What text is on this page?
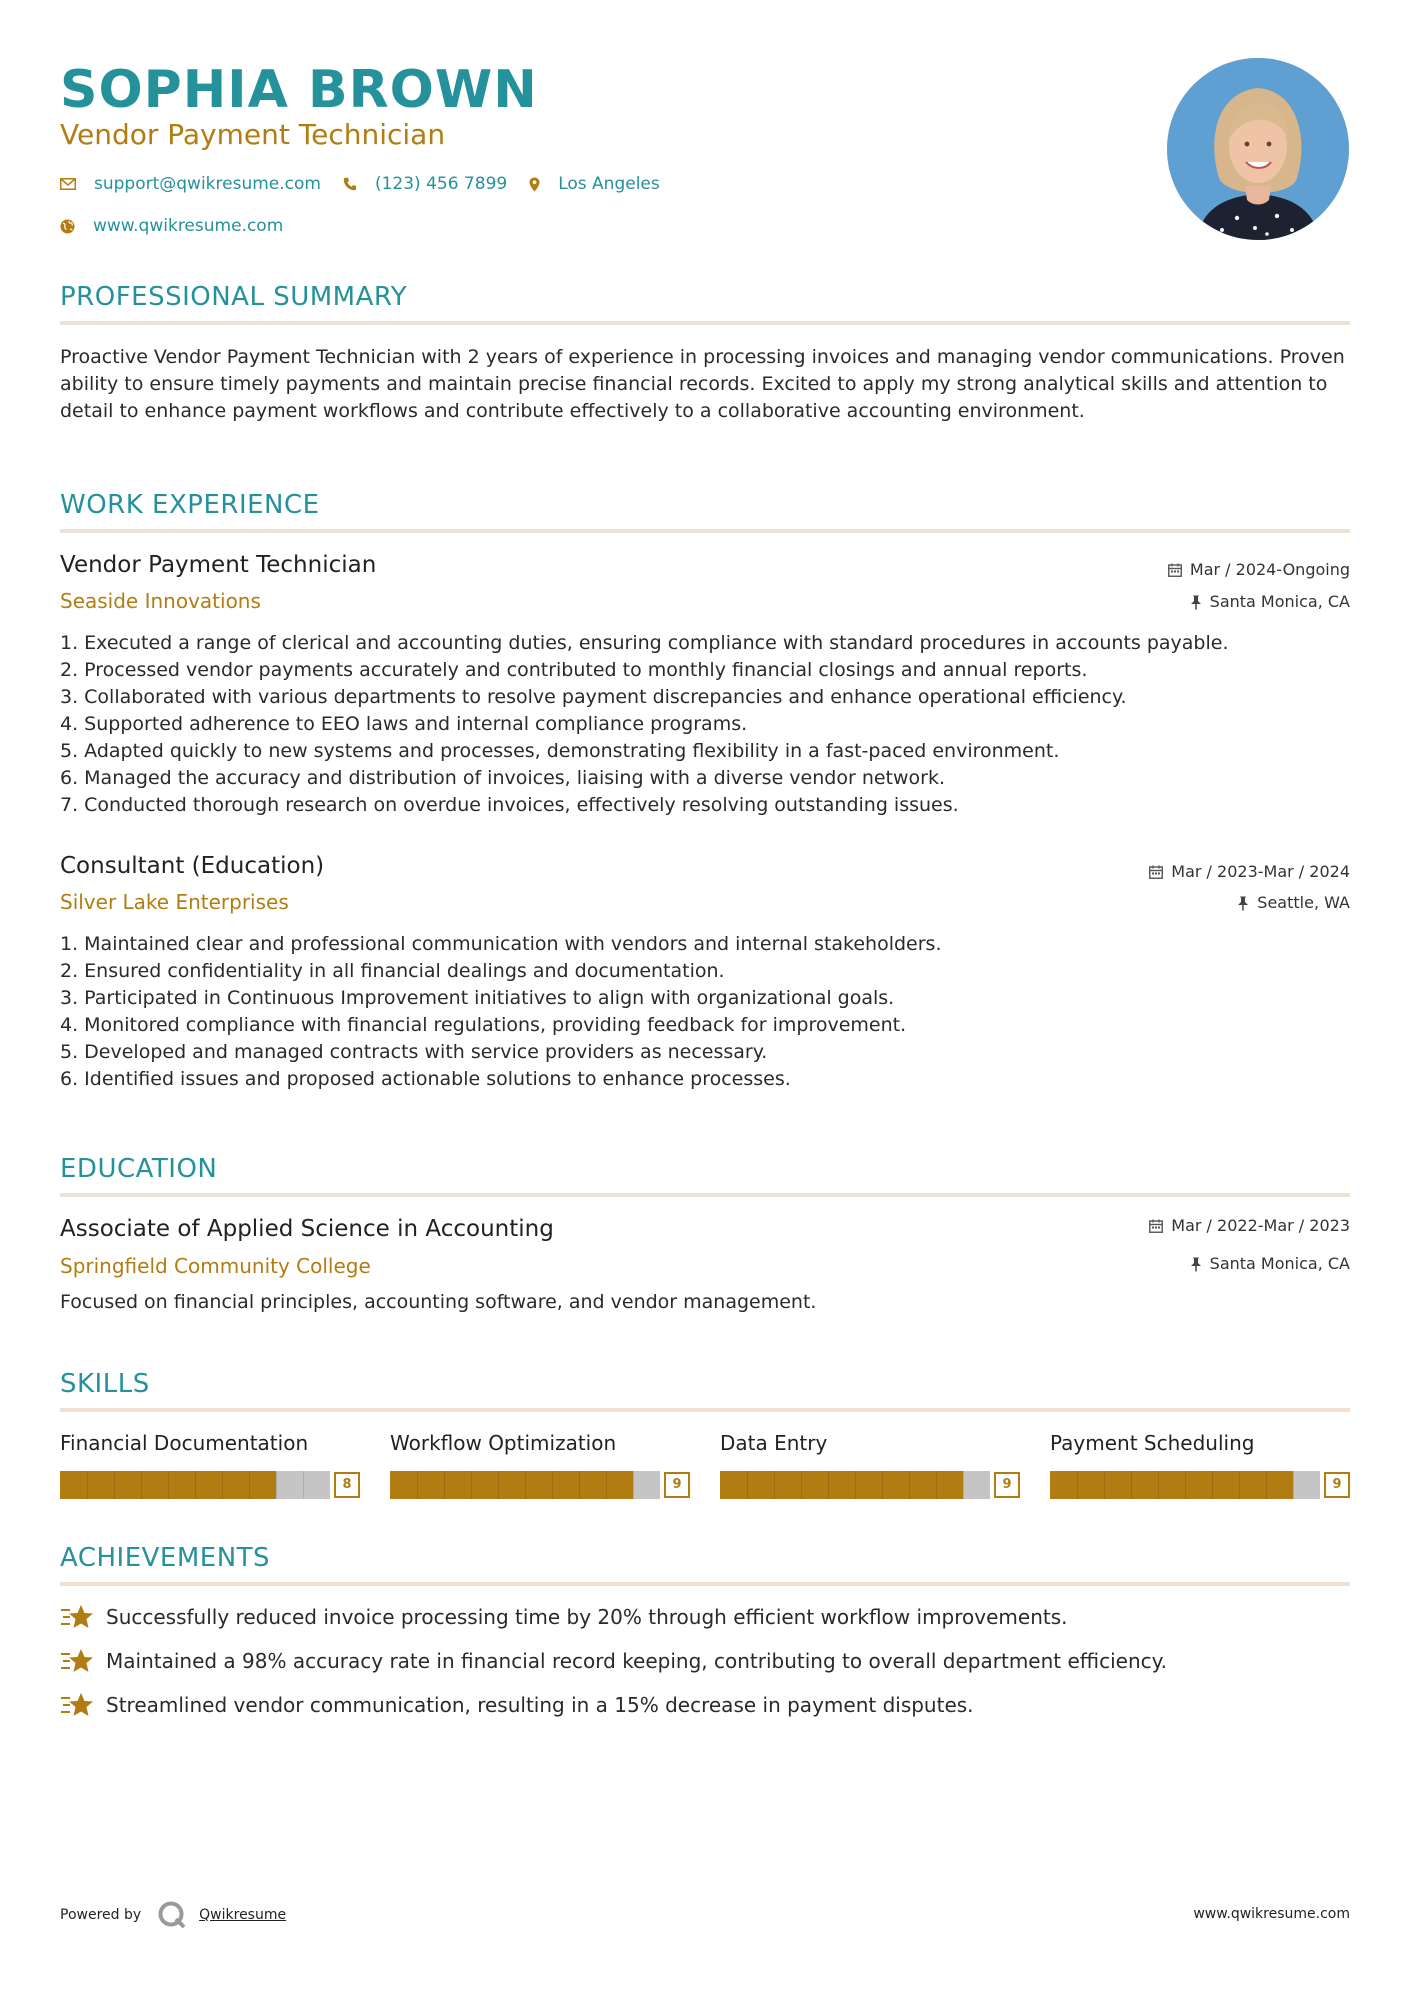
SOPHIA BROWN
Vendor Payment Technician
support@qwikresume.com	(123) 456 7899	Los Angeles
www.qwikresume.com
PROFESSIONAL SUMMARY

Proactive Vendor Payment Technician with 2 years of experience in processing invoices and managing vendor communications. Proven ability to ensure timely payments and maintain precise financial records. Excited to apply my strong analytical skills and attention to detail to enhance payment workflows and contribute effectively to a collaborative accounting environment.

WORK EXPERIENCE
Vendor Payment Technician
Seaside Innovations
Mar / 2024-Ongoing
Santa Monica, CA
1. Executed a range of clerical and accounting duties, ensuring compliance with standard procedures in accounts payable.
2. Processed vendor payments accurately and contributed to monthly financial closings and annual reports.
3. Collaborated with various departments to resolve payment discrepancies and enhance operational efficiency.
4. Supported adherence to EEO laws and internal compliance programs.
5. Adapted quickly to new systems and processes, demonstrating flexibility in a fast-paced environment.
6. Managed the accuracy and distribution of invoices, liaising with a diverse vendor network.
7. Conducted thorough research on overdue invoices, effectively resolving outstanding issues.
Consultant (Education)
Silver Lake Enterprises
Mar / 2023-Mar / 2024
Seattle, WA
1. Maintained clear and professional communication with vendors and internal stakeholders.
2. Ensured confidentiality in all financial dealings and documentation.
3. Participated in Continuous Improvement initiatives to align with organizational goals.
4. Monitored compliance with financial regulations, providing feedback for improvement.
5. Developed and managed contracts with service providers as necessary.
6. Identified issues and proposed actionable solutions to enhance processes.
EDUCATION
Associate of Applied Science in Accounting
Springfield Community College
Mar / 2022-Mar / 2023
Santa Monica, CA

Focused on financial principles, accounting software, and vendor management.

SKILLS
Financial Documentation
8
Workflow Optimization
9
Data Entry
9
Payment Scheduling
9
ACHIEVEMENTS
Successfully reduced invoice processing time by 20% through efficient workflow improvements.
Maintained a 98% accuracy rate in financial record keeping, contributing to overall department efficiency.
Streamlined vendor communication, resulting in a 15% decrease in payment disputes.
Powered by	Qwikresume	www.qwikresume.com
